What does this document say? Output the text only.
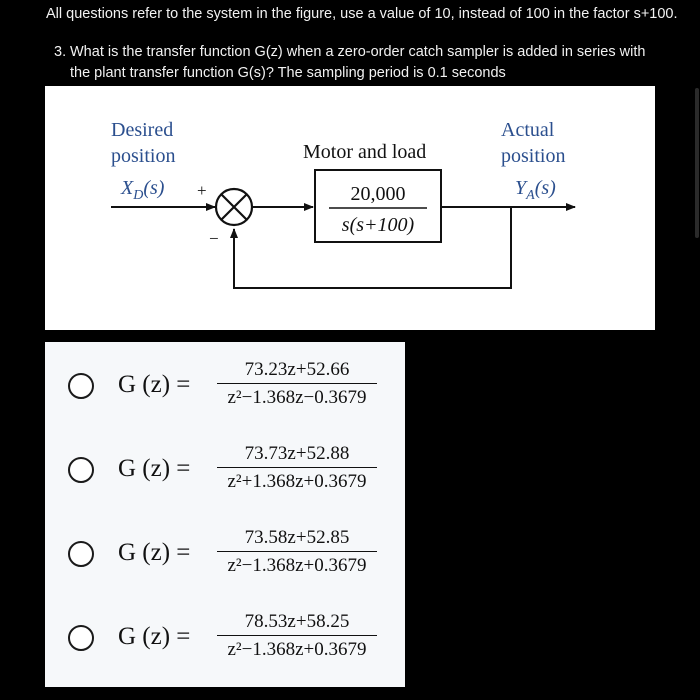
All questions refer to the system in the figure, use a value of 10, instead of 100 in the factor s+100.
3. What is the transfer function G(z) when a zero-order catch sampler is added in series with the plant transfer function G(s)? The sampling period is 0.1 seconds
Desired
position
$X_D(s)$ +
−
Motor and load
20,000
s(s+100)
Actual
position
$Y_A(s)$
G (z) =
73.23z+52.66
z²−1.368z−0.3679
G (z) =
73.73z+52.88
z²+1.368z+0.3679
G (z) =
73.58z+52.85
z²−1.368z+0.3679
G (z) =
78.53z+58.25
z²−1.368z+0.3679
